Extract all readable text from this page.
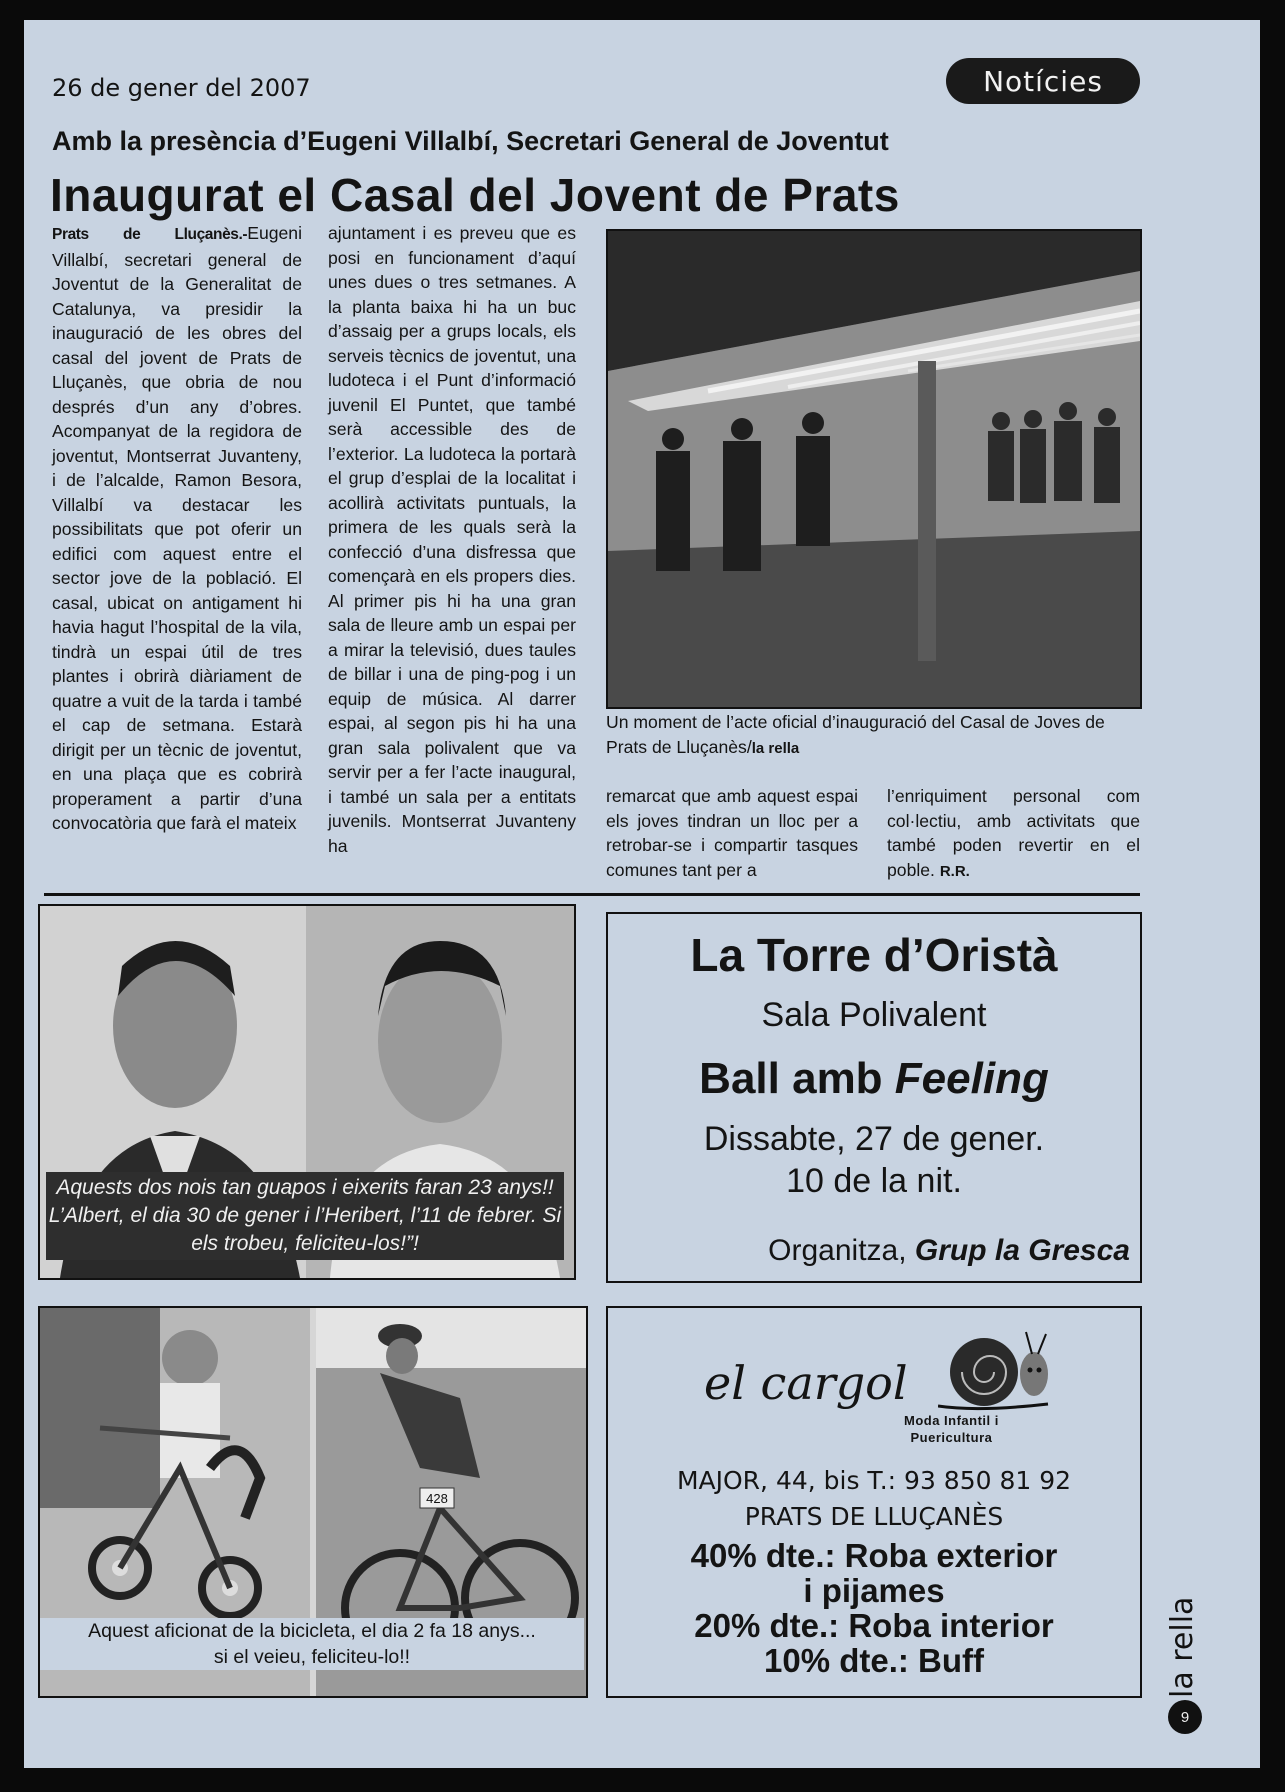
26 de gener del 2007	Notícies
Amb la presència d’Eugeni Villalbí, Secretari General de Joventut
Inaugurat el Casal del Jovent de Prats

Prats de Lluçanès.-Eugeni Villalbí, secretari general de Joventut de la Generalitat de Catalunya, va presidir la inauguració de les obres del casal del jovent de Prats de Lluçanès, que obria de nou després d’un any d’obres. Acompanyat de la regidora de joventut, Montserrat Juvanteny, i de l’alcalde, Ramon Besora, Villalbí va destacar les possibilitats que pot oferir un edifici com aquest entre el sector jove de la població. El casal, ubicat on antigament hi havia hagut l’hospital de la vila, tindrà un espai útil de tres plantes i obrirà diàriament de quatre a vuit de la tarda i també el cap de setmana. Estarà dirigit per un tècnic de joventut, en una plaça que es cobrirà properament a partir d’una convocatòria que farà el mateix

ajuntament i es preveu que es posi en funcionament d’aquí unes dues o tres setmanes. A la planta baixa hi ha un buc d’assaig per a grups locals, els serveis tècnics de joventut, una ludoteca i el Punt d’informació juvenil El Puntet, que també serà accessible des de l’exterior. La ludoteca la portarà el grup d’esplai de la localitat i acollirà activitats puntuals, la primera de les quals serà la confecció d’una disfressa que començarà en els propers dies. Al primer pis hi ha una gran sala de lleure amb un espai per a mirar la televisió, dues taules de billar i una de ping-pog i un equip de música. Al darrer espai, al segon pis hi ha una gran sala polivalent que va servir per a fer l’acte inaugural, i també un sala per a entitats juvenils. Montserrat Juvanteny ha

remarcat que amb aquest espai els joves tindran un lloc per a retrobar-se i compartir tasques comunes tant per a

l’enriquiment personal com col·lectiu, amb activitats que també poden revertir en el poble. R.R.

Un moment de l’acte oficial d’inauguració del Casal de Joves de Prats de Lluçanès/la rella
Aquests dos nois tan guapos i eixerits faran 23 anys!! L’Albert, el dia 30 de gener i l’Heribert, l’11 de febrer. Si els trobeu, feliciteu-los!”!
428
Aquest aficionat de la bicicleta, el dia 2 fa 18 anys...
si el veieu, feliciteu-lo!!
La Torre d’Oristà
Sala Polivalent
Ball amb Feeling
Dissabte, 27 de gener.
10 de la nit.
Organitza, Grup la Gresca
el cargol
Moda Infantil i
Puericultura
MAJOR, 44, bis T.: 93 850 81 92
PRATS DE LLUÇANÈS
40% dte.: Roba exterior
i pijames
20% dte.: Roba interior
10% dte.: Buff	la rella
9
